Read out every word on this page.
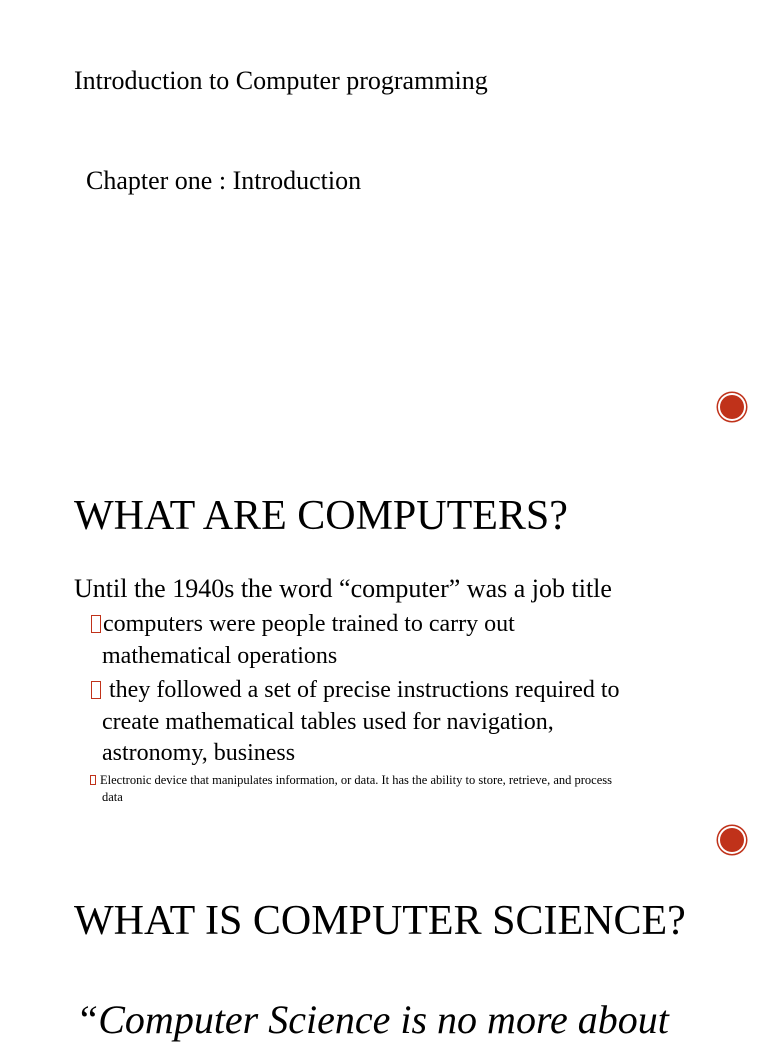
Introduction to Computer programming
Chapter one : Introduction
WHAT ARE COMPUTERS?
Until the 1940s the word “computer” was a job title
computers were people trained to carry out
mathematical operations
they followed a set of precise instructions required to
create mathematical tables used for navigation,
astronomy, business
Electronic device that manipulates information, or data. It has the ability to store, retrieve, and process
data
WHAT IS COMPUTER SCIENCE?
“Computer Science is no more about
